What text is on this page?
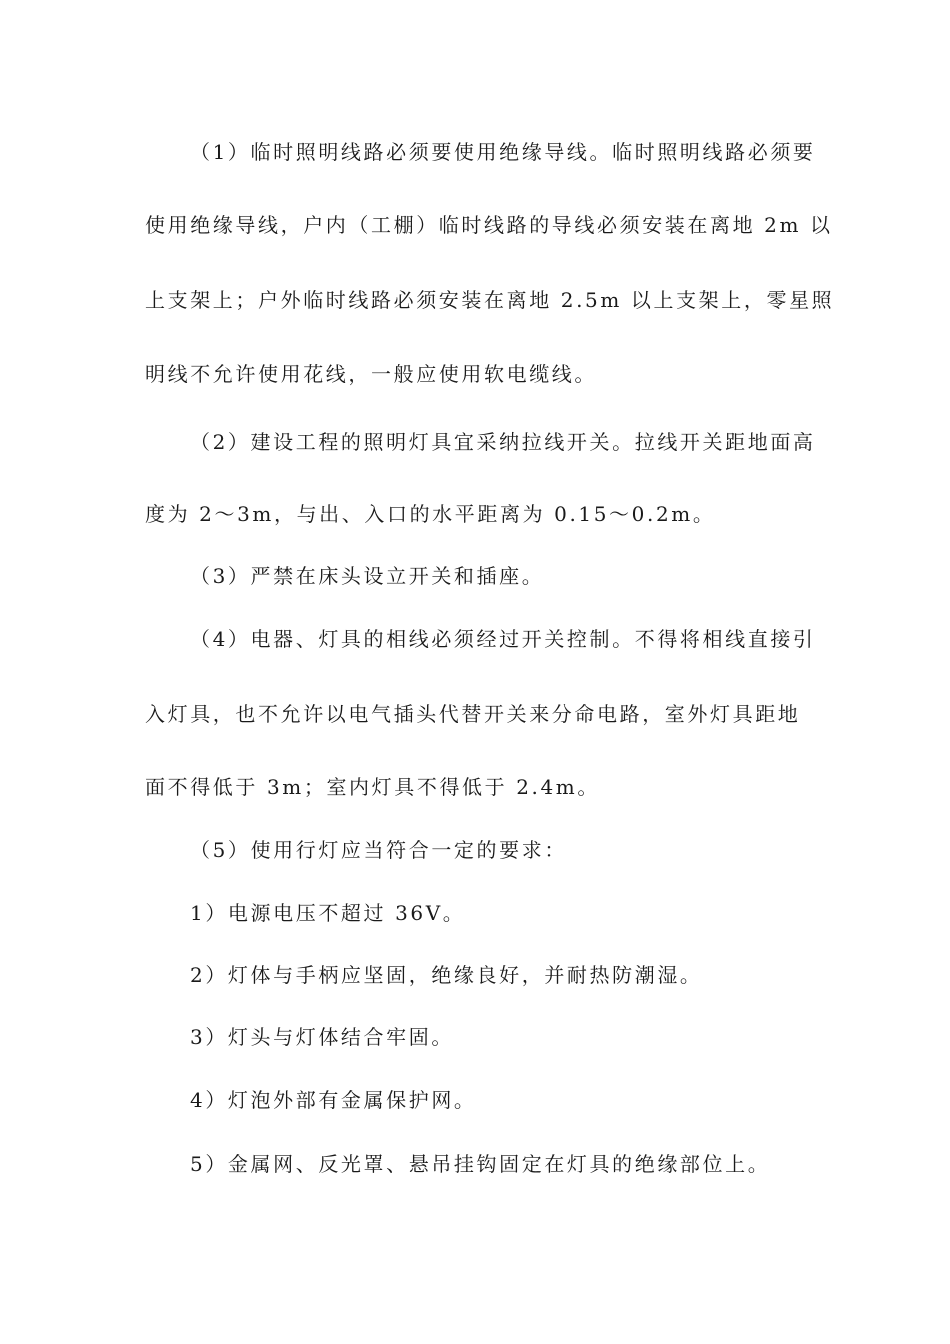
（1）临时照明线路必须要使用绝缘导线。临时照明线路必须要
使用绝缘导线，户内（工棚）临时线路的导线必须安装在离地 2m 以
上支架上；户外临时线路必须安装在离地 2.5m 以上支架上，零星照
明线不允许使用花线，一般应使用软电缆线。
（2）建设工程的照明灯具宜采纳拉线开关。拉线开关距地面高
度为 2～3m，与出、入口的水平距离为 0.15～0.2m。
（3）严禁在床头设立开关和插座。
（4）电器、灯具的相线必须经过开关控制。不得将相线直接引
入灯具，也不允许以电气插头代替开关来分命电路，室外灯具距地
面不得低于 3m；室内灯具不得低于 2.4m。
（5）使用行灯应当符合一定的要求：
1）电源电压不超过 36V。
2）灯体与手柄应坚固，绝缘良好，并耐热防潮湿。
3）灯头与灯体结合牢固。
4）灯泡外部有金属保护网。
5）金属网、反光罩、悬吊挂钩固定在灯具的绝缘部位上。
